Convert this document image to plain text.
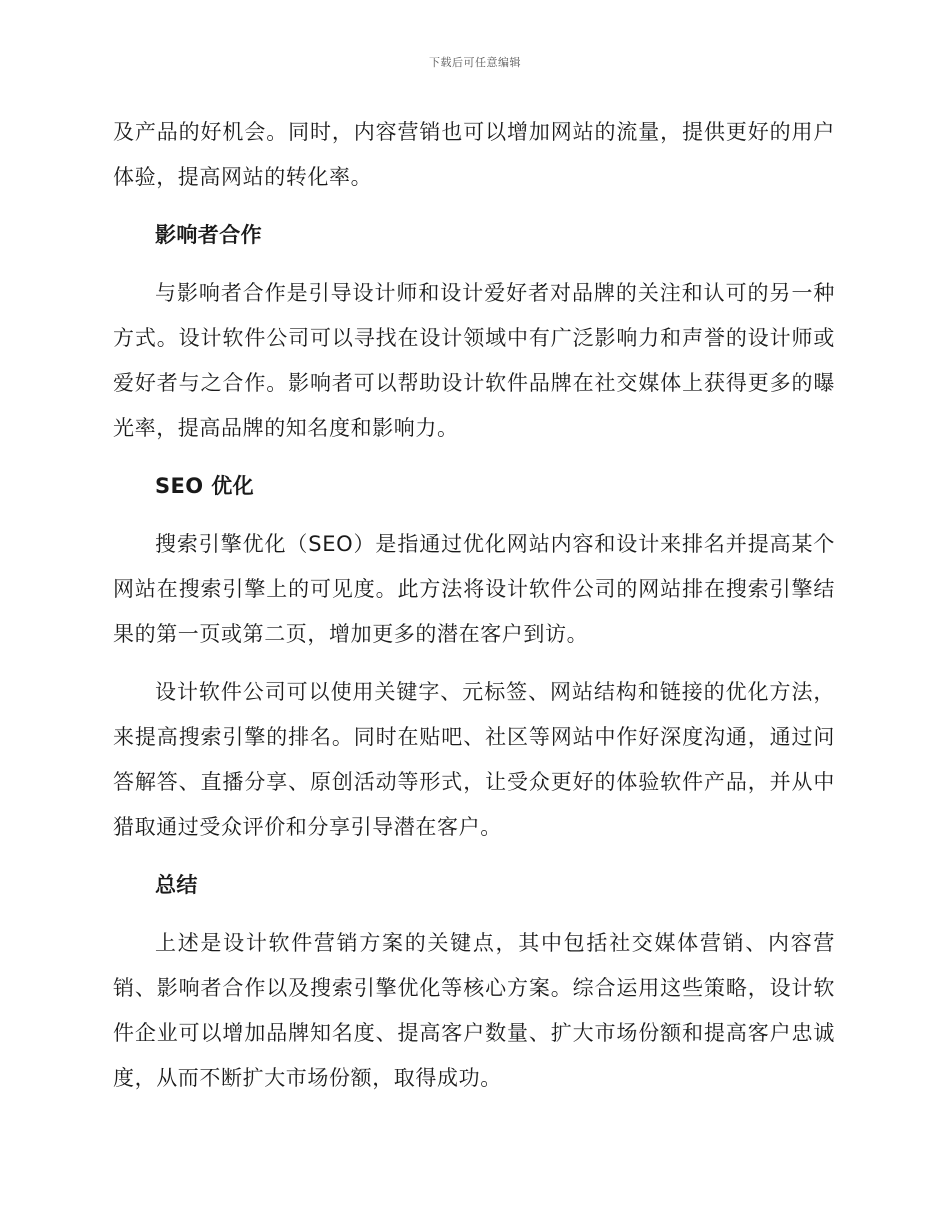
下载后可任意编辑

及产品的好机会。同时，内容营销也可以增加网站的流量，提供更好的用户体验，提高网站的转化率。

影响者合作

与影响者合作是引导设计师和设计爱好者对品牌的关注和认可的另一种方式。设计软件公司可以寻找在设计领域中有广泛影响力和声誉的设计师或爱好者与之合作。影响者可以帮助设计软件品牌在社交媒体上获得更多的曝光率，提高品牌的知名度和影响力。

SEO 优化

搜索引擎优化（SEO）是指通过优化网站内容和设计来排名并提高某个网站在搜索引擎上的可见度。此方法将设计软件公司的网站排在搜索引擎结果的第一页或第二页，增加更多的潜在客户到访。

设计软件公司可以使用关键字、元标签、网站结构和链接的优化方法，来提高搜索引擎的排名。同时在贴吧、社区等网站中作好深度沟通，通过问答解答、直播分享、原创活动等形式，让受众更好的体验软件产品，并从中猎取通过受众评价和分享引导潜在客户。

总结

上述是设计软件营销方案的关键点，其中包括社交媒体营销、内容营销、影响者合作以及搜索引擎优化等核心方案。综合运用这些策略，设计软件企业可以增加品牌知名度、提高客户数量、扩大市场份额和提高客户忠诚度，从而不断扩大市场份额，取得成功。
